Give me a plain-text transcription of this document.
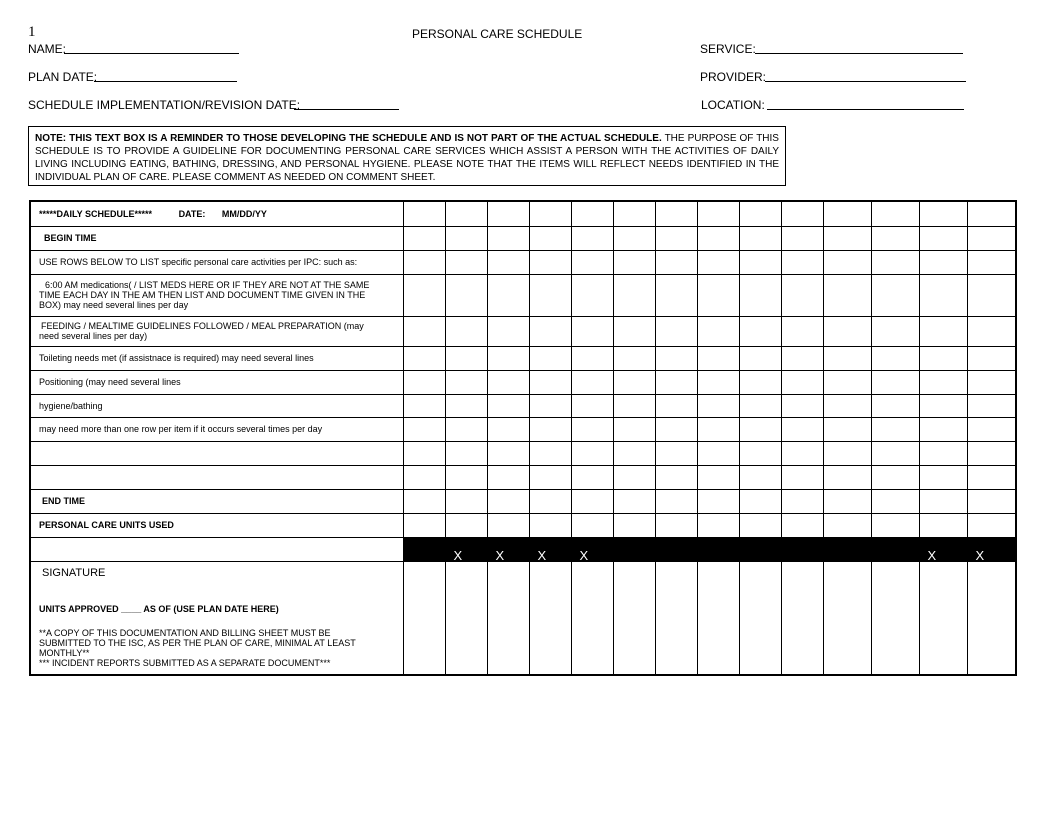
1	PERSONAL CARE SCHEDULE
NAME:
PLAN DATE:
SCHEDULE IMPLEMENTATION/REVISION DATE:
SERVICE:
PROVIDER:
LOCATION:
NOTE: THIS TEXT BOX IS A REMINDER TO THOSE DEVELOPING THE SCHEDULE AND IS NOT PART OF THE ACTUAL SCHEDULE. THE PURPOSE OF THIS SCHEDULE IS TO PROVIDE A GUIDELINE FOR DOCUMENTING PERSONAL CARE SERVICES WHICH ASSIST A PERSON WITH THE ACTIVITIES OF DAILY LIVING INCLUDING EATING, BATHING, DRESSING, AND PERSONAL HYGIENE. PLEASE NOTE THAT THE ITEMS WILL REFLECT NEEDS IDENTIFIED IN THE INDIVIDUAL PLAN OF CARE. PLEASE COMMENT AS NEEDED ON COMMENT SHEET.
*****DAILY SCHEDULE***** DATE: MM/DD/YY														
BEGIN TIME														
USE ROWS BELOW TO LIST specific personal care activities per IPC: such as:														
6:00 AM medications( / LIST MEDS HERE OR IF THEY ARE NOT AT THE SAME TIME EACH DAY IN THE AM THEN LIST AND DOCUMENT TIME GIVEN IN THE BOX) may need several lines per day														
FEEDING / MEALTIME GUIDELINES FOLLOWED / MEAL PREPARATION (may need several lines per day)														
Toileting needs met (if assistnace is required) may need several lines														
Positioning (may need several lines														
hygiene/bathing														
may need more than one row per item if it occurs several times per day														

END TIME														
PERSONAL CARE UNITS USED														
		X	X	X	X								X	X

SIGNATURE
UNITS APPROVED ____ AS OF (USE PLAN DATE HERE)
**A COPY OF THIS DOCUMENTATION AND BILLING SHEET MUST BE SUBMITTED TO THE ISC, AS PER THE PLAN OF CARE, MINIMAL AT LEAST MONTHLY**
*** INCIDENT REPORTS SUBMITTED AS A SEPARATE DOCUMENT***														
